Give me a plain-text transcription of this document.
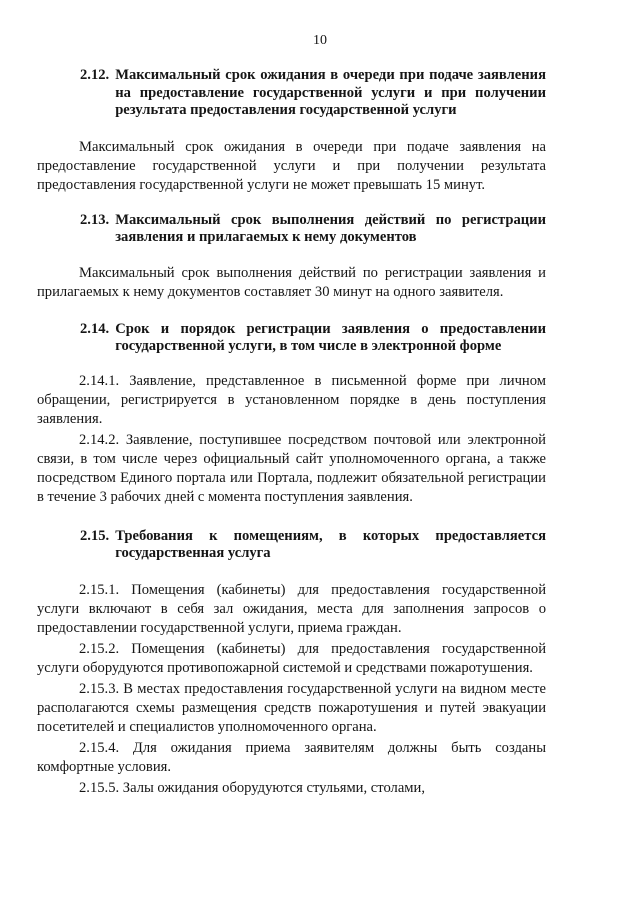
10
2.12. Максимальный срок ожидания в очереди при подаче заявления на предоставление государственной услуги и при получении результата предоставления государственной услуги

Максимальный срок ожидания в очереди при подаче заявления на предоставление государственной услуги и при получении результата предоставления государственной услуги не может превышать 15 минут.

2.13. Максимальный срок выполнения действий по регистрации заявления и прилагаемых к нему документов

Максимальный срок выполнения действий по регистрации заявления и прилагаемых к нему документов составляет 30 минут на одного заявителя.

2.14. Срок и порядок регистрации заявления о предоставлении государственной услуги, в том числе в электронной форме

2.14.1. Заявление, представленное в письменной форме при личном обращении, регистрируется в установленном порядке в день поступления заявления.

2.14.2. Заявление, поступившее посредством почтовой или электронной связи, в том числе через официальный сайт уполномоченного органа, а также посредством Единого портала или Портала, подлежит обязательной регистрации в течение 3 рабочих дней с момента поступления заявления.

2.15. Требования к помещениям, в которых предоставляется государственная услуга

2.15.1. Помещения (кабинеты) для предоставления государственной услуги включают в себя зал ожидания, места для заполнения запросов о предоставлении государственной услуги, приема граждан.

2.15.2. Помещения (кабинеты) для предоставления государственной услуги оборудуются противопожарной системой и средствами пожаротушения.

2.15.3. В местах предоставления государственной услуги на видном месте располагаются схемы размещения средств пожаротушения и путей эвакуации посетителей и специалистов уполномоченного органа.

2.15.4. Для ожидания приема заявителям должны быть созданы комфортные условия.

2.15.5. Залы ожидания оборудуются стульями, столами,
